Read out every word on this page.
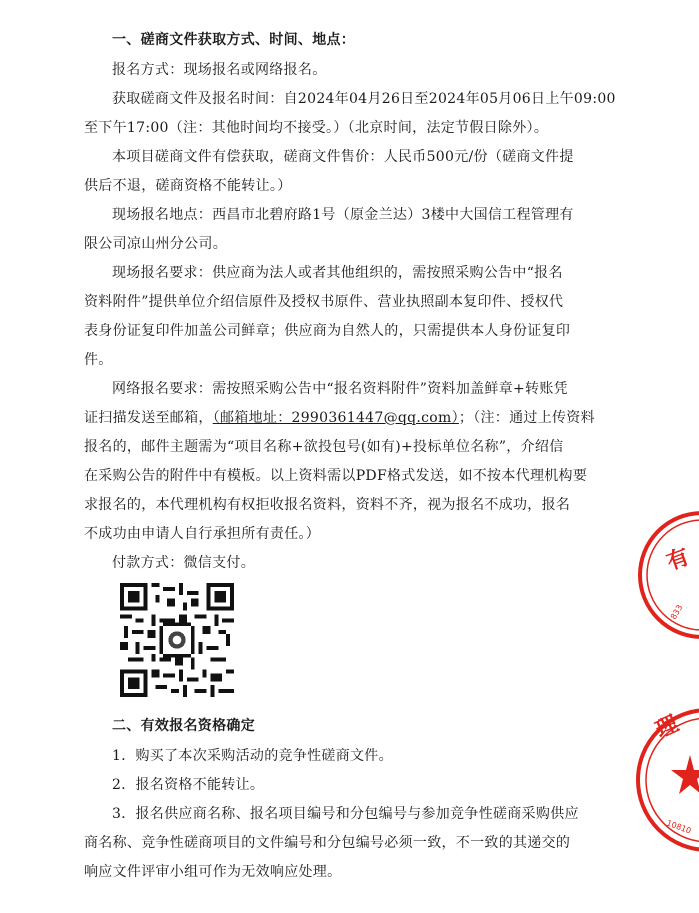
一、磋商文件获取方式、时间、地点：
报名方式：现场报名或网络报名。
获取磋商文件及报名时间：自2024年04月26日至2024年05月06日上午09:00
至下午17:00（注：其他时间均不接受。）（北京时间，法定节假日除外）。
本项目磋商文件有偿获取，磋商文件售价：人民币500元/份（磋商文件提
供后不退，磋商资格不能转让。）
现场报名地点：西昌市北碧府路1号（原金兰达）3楼中大国信工程管理有
限公司凉山州分公司。
现场报名要求：供应商为法人或者其他组织的，需按照采购公告中“报名
资料附件”提供单位介绍信原件及授权书原件、营业执照副本复印件、授权代
表身份证复印件加盖公司鲜章；供应商为自然人的，只需提供本人身份证复印
件。
网络报名要求：需按照采购公告中“报名资料附件”资料加盖鲜章+转账凭
证扫描发送至邮箱，（邮箱地址：2990361447@qq.com）；（注：通过上传资料
报名的，邮件主题需为“项目名称+欲投包号(如有)+投标单位名称”，介绍信
在采购公告的附件中有模板。以上资料需以PDF格式发送，如不按本代理机构要
求报名的，本代理机构有权拒收报名资料，资料不齐，视为报名不成功，报名
不成功由申请人自行承担所有责任。）
付款方式：微信支付。
二、有效报名资格确定
1．购买了本次采购活动的竞争性磋商文件。
2．报名资格不能转让。
3．报名供应商名称、报名项目编号和分包编号与参加竞争性磋商采购供应
商名称、竞争性磋商项目的文件编号和分包编号必须一致，不一致的其递交的
响应文件评审小组可作为无效响应处理。
有
理
833
10810
